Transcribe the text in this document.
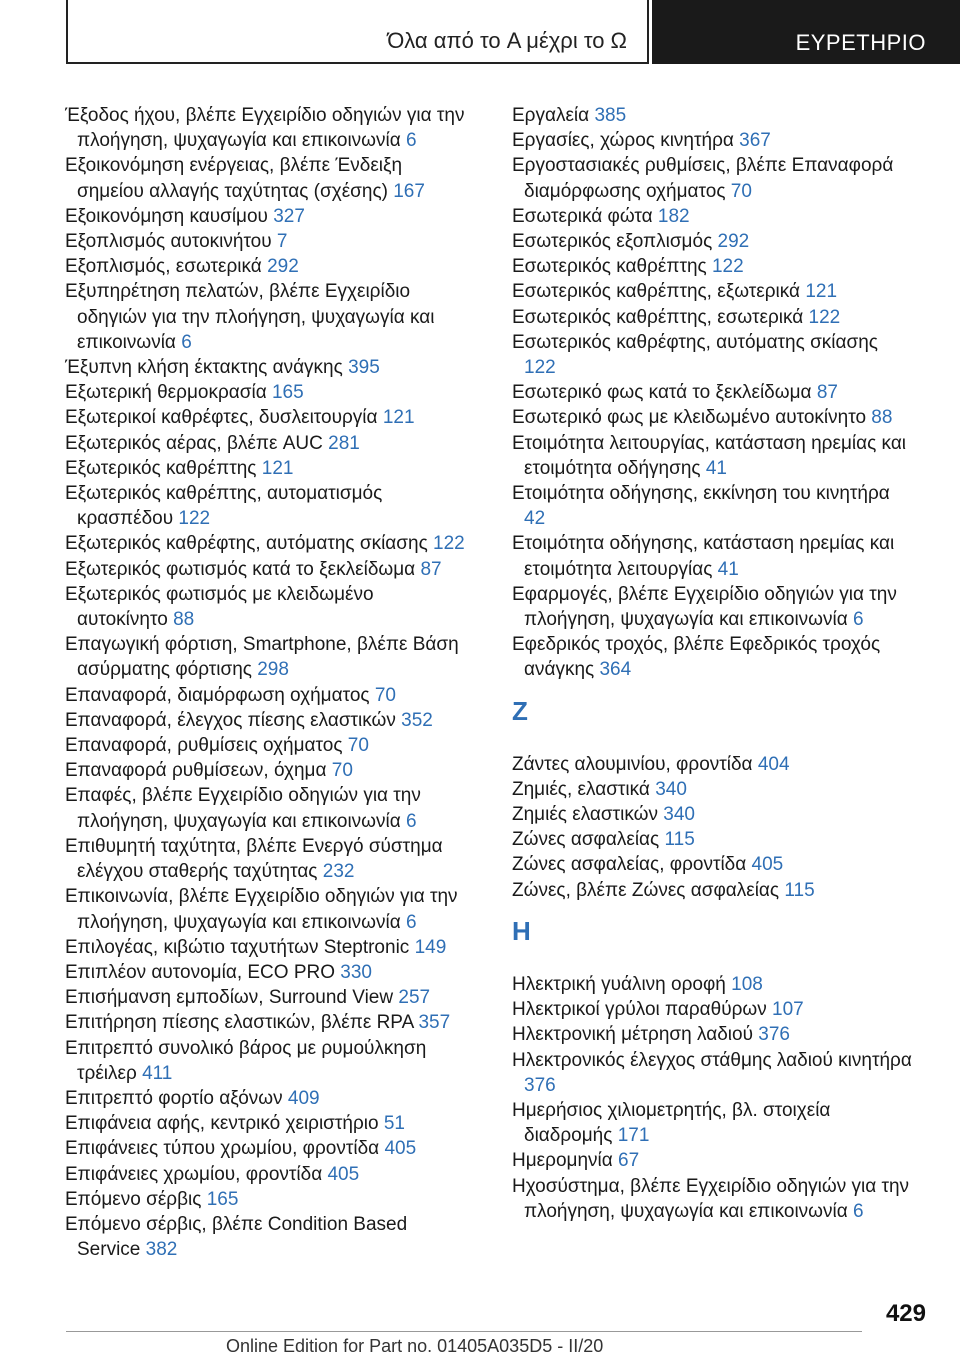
Όλα από το A μέχρι το Ω	ΕΥΡΕΤΗΡΙΟ
Έξοδος ήχου, βλέπε Εγχειρίδιο οδηγιών για την πλοήγηση, ψυχαγωγία και επικοινωνία 6
Εξοικονόμηση ενέργειας, βλέπε Ένδειξη σημείου αλλαγής ταχύτητας (σχέσης) 167
Εξοικονόμηση καυσίμου 327
Εξοπλισμός αυτοκινήτου 7
Εξοπλισμός, εσωτερικά 292
Εξυπηρέτηση πελατών, βλέπε Εγχειρίδιο οδηγιών για την πλοήγηση, ψυχαγωγία και επικοινωνία 6
Έξυπνη κλήση έκτακτης ανάγκης 395
Εξωτερική θερμοκρασία 165
Εξωτερικοί καθρέφτες, δυσλειτουργία 121
Εξωτερικός αέρας, βλέπε AUC 281
Εξωτερικός καθρέπτης 121
Εξωτερικός καθρέπτης, αυτοματισμός κρασπέδου 122
Εξωτερικός καθρέφτης, αυτόματης σκίασης 122
Εξωτερικός φωτισμός κατά το ξεκλείδωμα 87
Εξωτερικός φωτισμός με κλειδωμένο αυτοκίνητο 88
Επαγωγική φόρτιση, Smartphone, βλέπε Βάση ασύρματης φόρτισης 298
Επαναφορά, διαμόρφωση οχήματος 70
Επαναφορά, έλεγχος πίεσης ελαστικών 352
Επαναφορά, ρυθμίσεις οχήματος 70
Επαναφορά ρυθμίσεων, όχημα 70
Επαφές, βλέπε Εγχειρίδιο οδηγιών για την πλοήγηση, ψυχαγωγία και επικοινωνία 6
Επιθυμητή ταχύτητα, βλέπε Ενεργό σύστημα ελέγχου σταθερής ταχύτητας 232
Επικοινωνία, βλέπε Εγχειρίδιο οδηγιών για την πλοήγηση, ψυχαγωγία και επικοινωνία 6
Επιλογέας, κιβώτιο ταχυτήτων Steptronic 149
Επιπλέον αυτονομία, ECO PRO 330
Επισήμανση εμποδίων, Surround View 257
Επιτήρηση πίεσης ελαστικών, βλέπε RPA 357
Επιτρεπτό συνολικό βάρος με ρυμούλκηση τρέιλερ 411
Επιτρεπτό φορτίο αξόνων 409
Επιφάνεια αφής, κεντρικό χειριστήριο 51
Επιφάνειες τύπου χρωμίου, φροντίδα 405
Επιφάνειες χρωμίου, φροντίδα 405
Επόμενο σέρβις 165
Επόμενο σέρβις, βλέπε Condition Based Service 382
Εργαλεία 385
Εργασίες, χώρος κινητήρα 367
Εργοστασιακές ρυθμίσεις, βλέπε Επαναφορά διαμόρφωσης οχήματος 70
Εσωτερικά φώτα 182
Εσωτερικός εξοπλισμός 292
Εσωτερικός καθρέπτης 122
Εσωτερικός καθρέπτης, εξωτερικά 121
Εσωτερικός καθρέπτης, εσωτερικά 122
Εσωτερικός καθρέφτης, αυτόματης σκίασης 122
Εσωτερικό φως κατά το ξεκλείδωμα 87
Εσωτερικό φως με κλειδωμένο αυτοκίνητο 88
Ετοιμότητα λειτουργίας, κατάσταση ηρεμίας και ετοιμότητα οδήγησης 41
Ετοιμότητα οδήγησης, εκκίνηση του κινητήρα 42
Ετοιμότητα οδήγησης, κατάσταση ηρεμίας και ετοιμότητα λειτουργίας 41
Εφαρμογές, βλέπε Εγχειρίδιο οδηγιών για την πλοήγηση, ψυχαγωγία και επικοινωνία 6
Εφεδρικός τροχός, βλέπε Εφεδρικός τροχός ανάγκης 364
Z
Ζάντες αλουμινίου, φροντίδα 404
Ζημιές, ελαστικά 340
Ζημιές ελαστικών 340
Ζώνες ασφαλείας 115
Ζώνες ασφαλείας, φροντίδα 405
Ζώνες, βλέπε Ζώνες ασφαλείας 115
H
Ηλεκτρική γυάλινη οροφή 108
Ηλεκτρικοί γρύλοι παραθύρων 107
Ηλεκτρονική μέτρηση λαδιού 376
Ηλεκτρονικός έλεγχος στάθμης λαδιού κινητήρα 376
Ημερήσιος χιλιομετρητής, βλ. στοιχεία διαδρομής 171
Ημερομηνία 67
Ηχοσύστημα, βλέπε Εγχειρίδιο οδηγιών για την πλοήγηση, ψυχαγωγία και επικοινωνία 6
429
Online Edition for Part no. 01405A035D5 - II/20
